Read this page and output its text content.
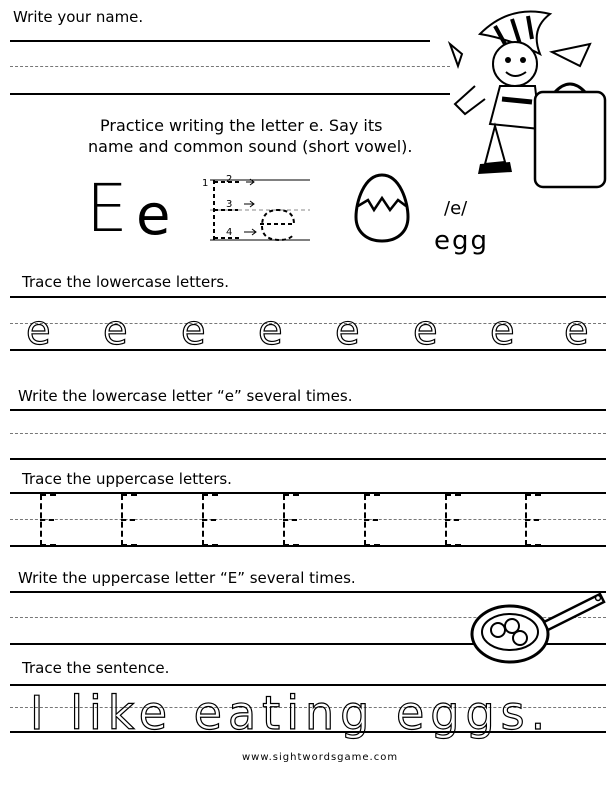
Write your name.
Practice writing the letter e. Say its
name and common sound (short vowel).
E e	1 2
3
4
/e/
egg
Trace the lowercase letters.
e e e e e e e e
Write the lowercase letter “e” several times.
Trace the uppercase letters.
Write the uppercase letter “E” several times.
Trace the sentence.
I like eating eggs.
www.sightwordsgame.com
